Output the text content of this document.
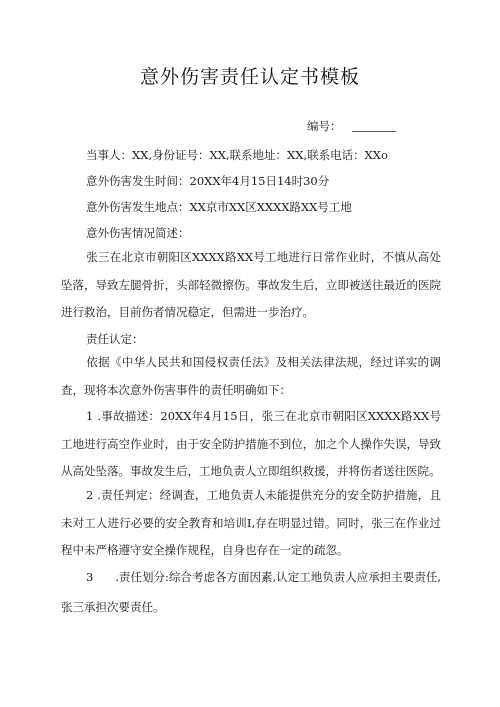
意外伤害责任认定书模板
编号：
当事人：XX,身份证号：XX,联系地址：XX,联系电话：XXo
意外伤害发生时间：20XX年4月15日14时30分
意外伤害发生地点：XX京市XX区XXXX路XX号工地
意外伤害情况简述：
张三在北京市朝阳区XXXX路XX号工地进行日常作业时，不慎从高处坠落，导致左腿骨折，头部轻微擦伤。事故发生后，立即被送往最近的医院进行救治，目前伤者情况稳定，但需进一步治疗。
责任认定：
依据《中华人民共和国侵权责任法》及相关法律法规，经过详实的调查，现将本次意外伤害事件的责任明确如下：
1 .事故描述：20XX年4月15日，张三在北京市朝阳区XXXX路XX号工地进行高空作业时，由于安全防护措施不到位，加之个人操作失误，导致从高处坠落。事故发生后，工地负责人立即组织救援，并将伤者送往医院。
2 .责任判定：经调查，工地负责人未能提供充分的安全防护措施，且未对工人进行必要的安全教育和培训I,存在明显过错。同时，张三在作业过程中未严格遵守安全操作规程，自身也存在一定的疏忽。
3 .责任划分:综合考虑各方面因素,认定工地负责人应承担主要责任,张三承担次要责任。
